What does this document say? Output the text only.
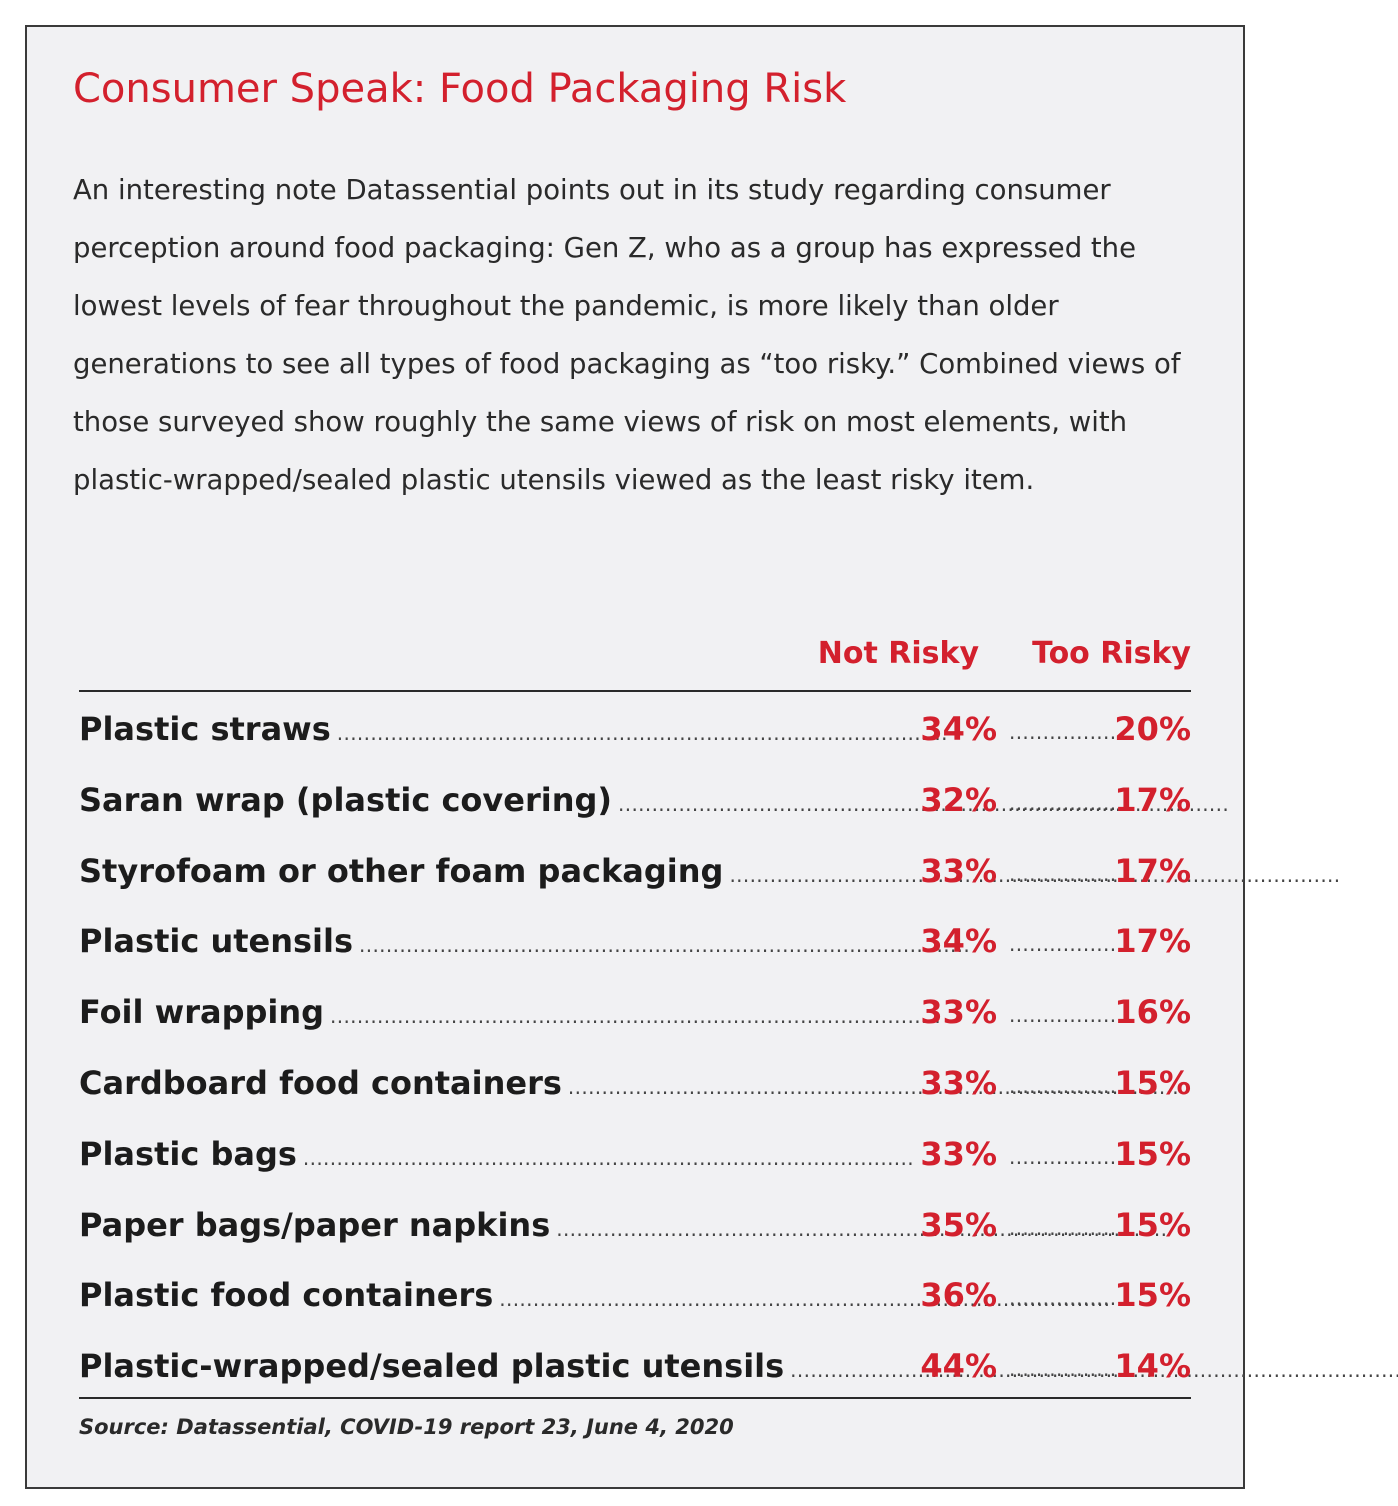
Consumer Speak: Food Packaging Risk

An interesting note Datassential points out in its study regarding consumer perception around food packaging: Gen Z, who as a group has expressed the lowest levels of fear throughout the pandemic, is more likely than older generations to see all types of food packaging as “too risky.” Combined views of those surveyed show roughly the same views of risk on most elements, with plastic-wrapped/sealed plastic utensils viewed as the least risky item.

Not Risky	Too Risky
Plastic straws . . .	34% . . . . . . . . . . . . . . . . 20%
Saran wrap (plastic covering) . . .	32% . . . . . . . . . . . . . . . . 17%
Styrofoam or other foam packaging . . .	33% . . . . . . . . . . . . . . . . 17%
Plastic utensils . . .	34% . . . . . . . . . . . . . . . . 17%
Foil wrapping . . .	33% . . . . . . . . . . . . . . . . 16%
Cardboard food containers . . .	33% . . . . . . . . . . . . . . . . 15%
Plastic bags . . .	33% . . . . . . . . . . . . . . . . 15%
Paper bags/paper napkins . . .	35% . . . . . . . . . . . . . . . . 15%
Plastic food containers . . .	36% . . . . . . . . . . . . . . . . 15%
Plastic-wrapped/sealed plastic utensils . . .	44% . . . . . . . . . . . . . . . . 14%

Source: Datassential, COVID-19 report 23, June 4, 2020
